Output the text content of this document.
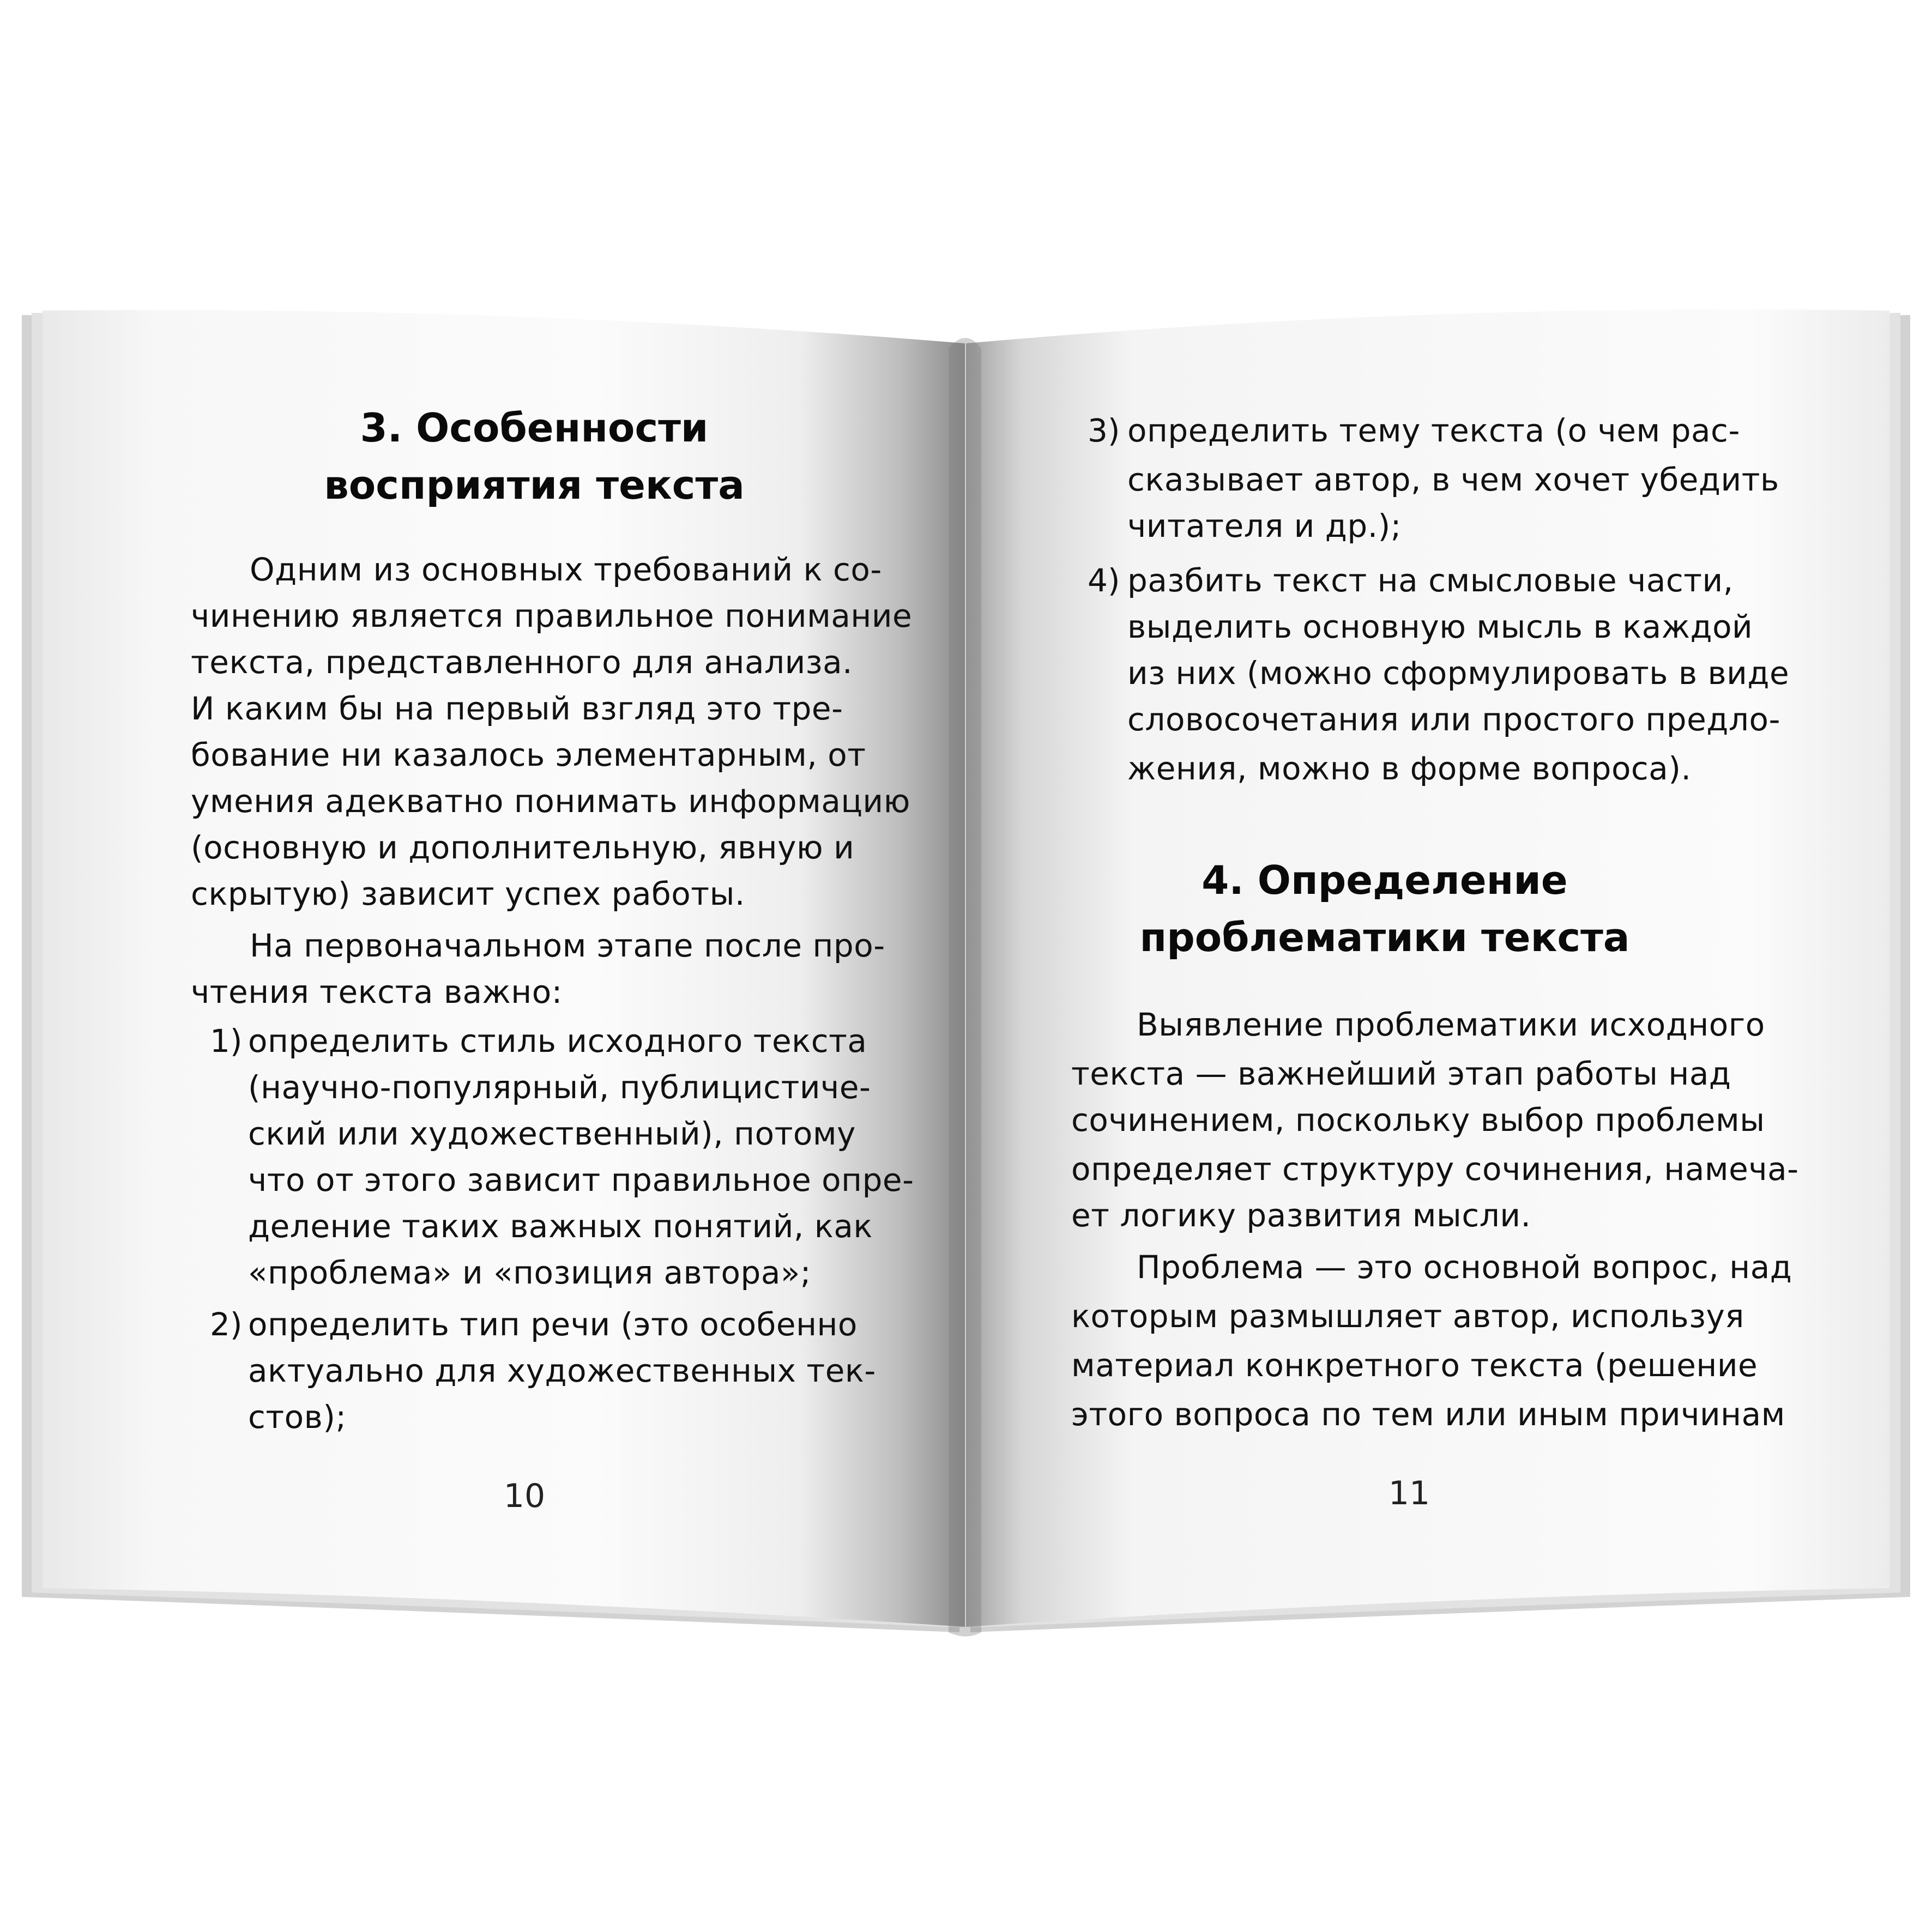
3. Особенности
восприятия текста
Одним из основных требований к со-
чинению является правильное понимание
текста, представленного для анализа.
И каким бы на первый взгляд это тре-
бование ни казалось элементарным, от
умения адекватно понимать информацию
(основную и дополнительную, явную и
скрытую) зависит успех работы.
На первоначальном этапе после про-
чтения текста важно:
1) определить стиль исходного текста
(научно-популярный, публицистиче-
ский или художественный), потому
что от этого зависит правильное опре-
деление таких важных понятий, как
«проблема» и «позиция автора»;
2) определить тип речи (это особенно
актуально для художественных тек-
стов);
10
3) определить тему текста (о чем рас-
сказывает автор, в чем хочет убедить
читателя и др.);
4) разбить текст на смысловые части,
выделить основную мысль в каждой
из них (можно сформулировать в виде
словосочетания или простого предло-
жения, можно в форме вопроса).
4. Определение
проблематики текста
Выявление проблематики исходного
текста — важнейший этап работы над
сочинением, поскольку выбор проблемы
определяет структуру сочинения, намеча-
ет логику развития мысли.
Проблема — это основной вопрос, над
которым размышляет автор, используя
материал конкретного текста (решение
этого вопроса по тем или иным причинам
11
